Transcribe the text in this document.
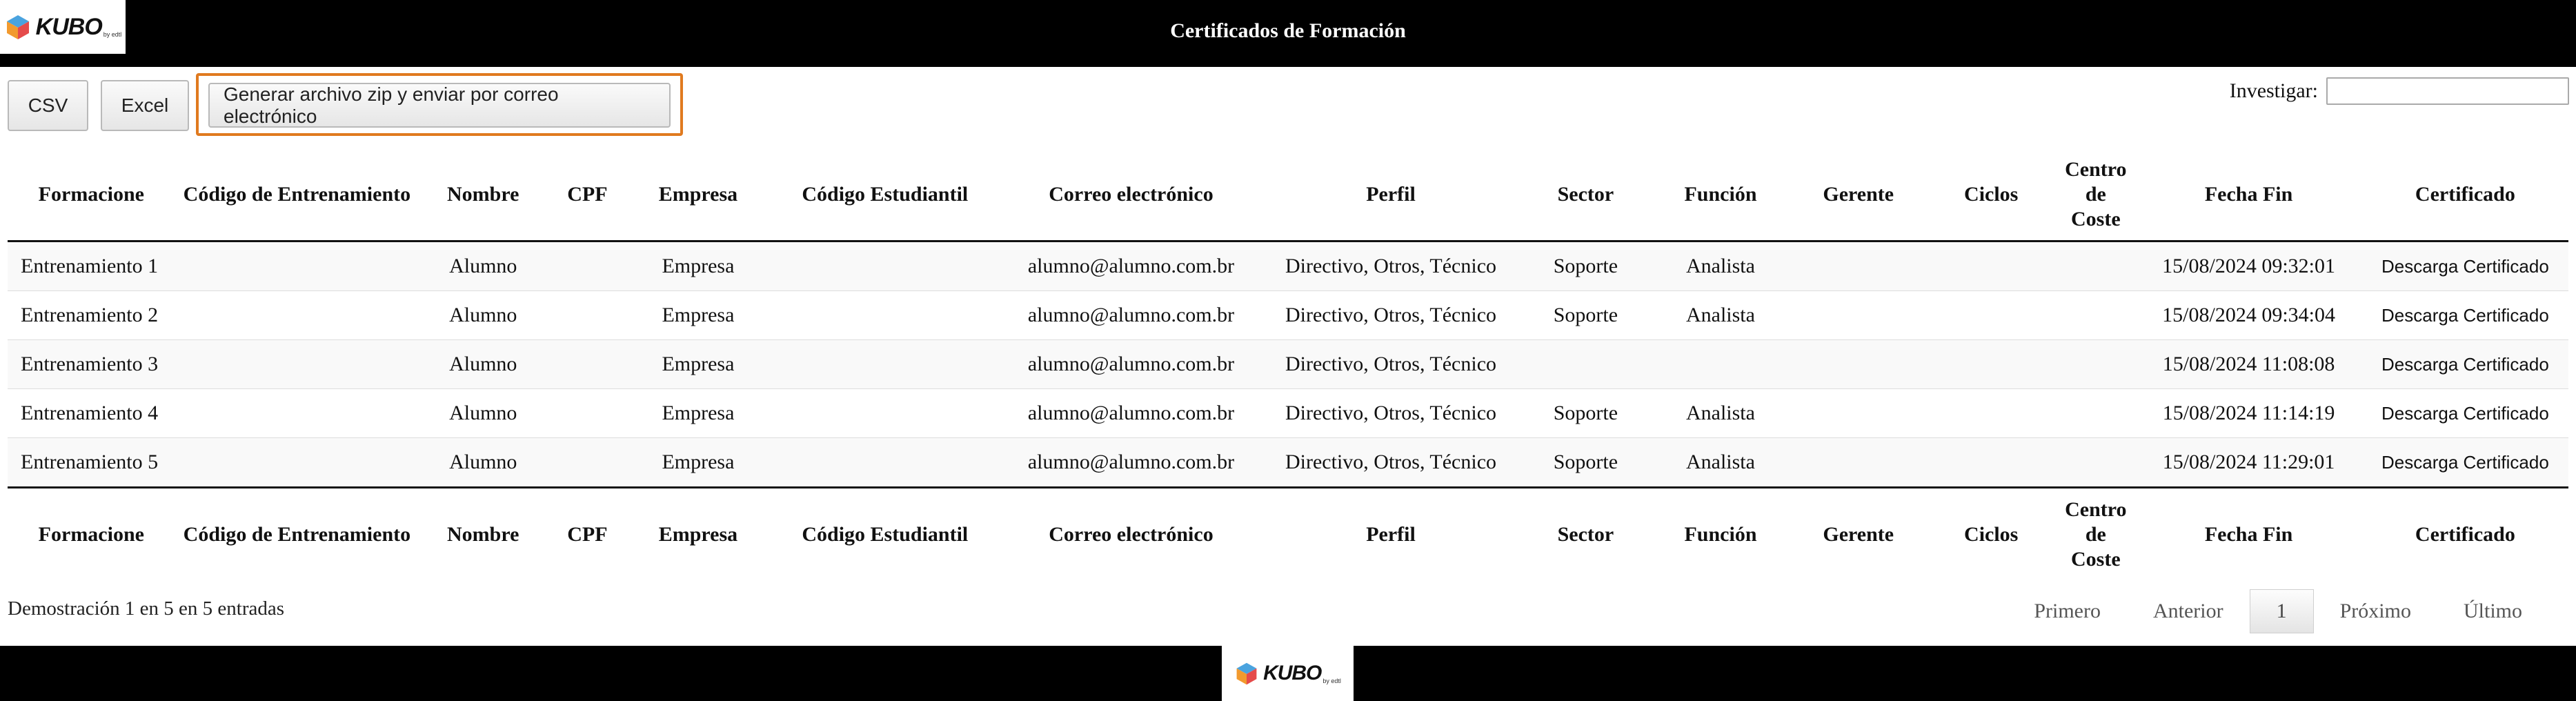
KUBO by edtl	Certificados de Formación
CSV	Excel
Generar archivo zip y enviar por correo electrónico
Investigar:
Formacione	Código de Entrenamiento	Nombre	CPF	Empresa	Código Estudiantil	Correo electrónico	Perfil	Sector	Función	Gerente	Ciclos	Centro de Coste	Fecha Fin	Certificado
Entrenamiento 1		Alumno		Empresa		alumno@alumno.com.br	Directivo, Otros, Técnico	Soporte	Analista				15/08/2024 09:32:01	Descarga Certificado
Entrenamiento 2		Alumno		Empresa		alumno@alumno.com.br	Directivo, Otros, Técnico	Soporte	Analista				15/08/2024 09:34:04	Descarga Certificado
Entrenamiento 3		Alumno		Empresa		alumno@alumno.com.br	Directivo, Otros, Técnico						15/08/2024 11:08:08	Descarga Certificado
Entrenamiento 4		Alumno		Empresa		alumno@alumno.com.br	Directivo, Otros, Técnico	Soporte	Analista				15/08/2024 11:14:19	Descarga Certificado
Entrenamiento 5		Alumno		Empresa		alumno@alumno.com.br	Directivo, Otros, Técnico	Soporte	Analista				15/08/2024 11:29:01	Descarga Certificado
Formacione	Código de Entrenamiento	Nombre	CPF	Empresa	Código Estudiantil	Correo electrónico	Perfil	Sector	Función	Gerente	Ciclos	Centro de Coste	Fecha Fin	Certificado
Demostración 1 en 5 en 5 entradas	Primero	Anterior	1	Próximo	Último
KUBO by edtl
